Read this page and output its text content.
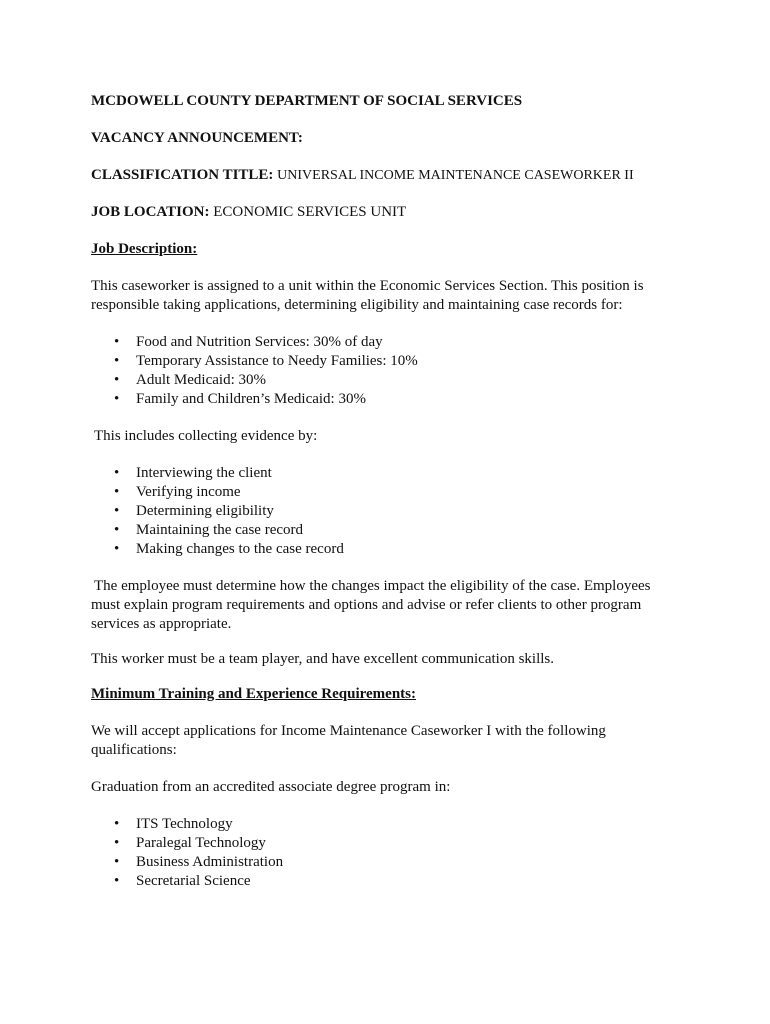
MCDOWELL COUNTY DEPARTMENT OF SOCIAL SERVICES

VACANCY ANNOUNCEMENT:

CLASSIFICATION TITLE: UNIVERSAL INCOME MAINTENANCE CASEWORKER II

JOB LOCATION: ECONOMIC SERVICES UNIT

Job Description:

This caseworker is assigned to a unit within the Economic Services Section. This position is

responsible taking applications, determining eligibility and maintaining case records for:

• Food and Nutrition Services: 30% of day
• Temporary Assistance to Needy Families: 10%
• Adult Medicaid: 30%
• Family and Children’s Medicaid: 30%

This includes collecting evidence by:

• Interviewing the client
• Verifying income
• Determining eligibility
• Maintaining the case record
• Making changes to the case record

The employee must determine how the changes impact the eligibility of the case. Employees

must explain program requirements and options and advise or refer clients to other program

services as appropriate.

This worker must be a team player, and have excellent communication skills.

Minimum Training and Experience Requirements:

We will accept applications for Income Maintenance Caseworker I with the following

qualifications:

Graduation from an accredited associate degree program in:

• ITS Technology
• Paralegal Technology
• Business Administration
• Secretarial Science
